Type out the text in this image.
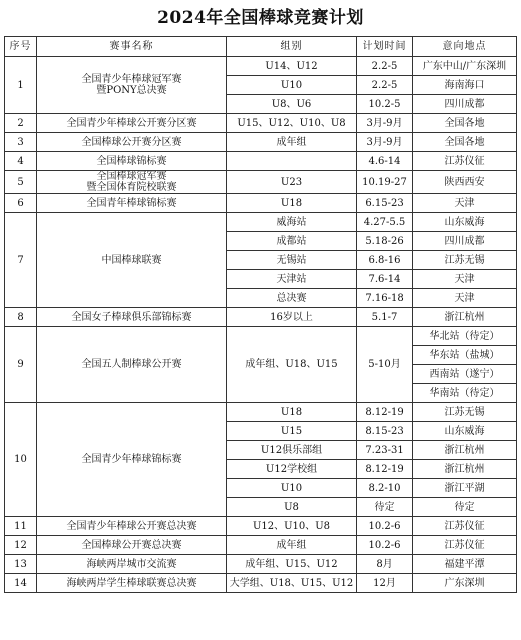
2024年全国棒球竞赛计划
序号	赛事名称	组别	计划时间	意向地点
1	全国青少年棒球冠军赛
暨PONY总决赛	U14、U12	2.2-5	广东中山/广东深圳
		U10	2.2-5	海南海口
		U8、U6	10.2-5	四川成都
2	全国青少年棒球公开赛分区赛	U15、U12、U10、U8	3月-9月	全国各地
3	全国棒球公开赛分区赛	成年组	3月-9月	全国各地
4	全国棒球锦标赛		4.6-14	江苏仪征
5	全国棒球冠军赛
暨全国体育院校联赛	U23	10.19-27	陕西西安
6	全国青年棒球锦标赛	U18	6.15-23	天津
7	中国棒球联赛	威海站	4.27-5.5	山东威海
		成都站	5.18-26	四川成都
		无锡站	6.8-16	江苏无锡
		天津站	7.6-14	天津
		总决赛	7.16-18	天津
8	全国女子棒球俱乐部锦标赛	16岁以上	5.1-7	浙江杭州
9	全国五人制棒球公开赛	成年组、U18、U15	5-10月	华北站（待定）
				华东站（盐城）
				西南站（遂宁）
				华南站（待定）
10	全国青少年棒球锦标赛	U18	8.12-19	江苏无锡
		U15	8.15-23	山东威海
		U12俱乐部组	7.23-31	浙江杭州
		U12学校组	8.12-19	浙江杭州
		U10	8.2-10	浙江平湖
		U8	待定	待定
11	全国青少年棒球公开赛总决赛	U12、U10、U8	10.2-6	江苏仪征
12	全国棒球公开赛总决赛	成年组	10.2-6	江苏仪征
13	海峡两岸城市交流赛	成年组、U15、U12	8月	福建平潭
14	海峡两岸学生棒球联赛总决赛	大学组、U18、U15、U12	12月	广东深圳
